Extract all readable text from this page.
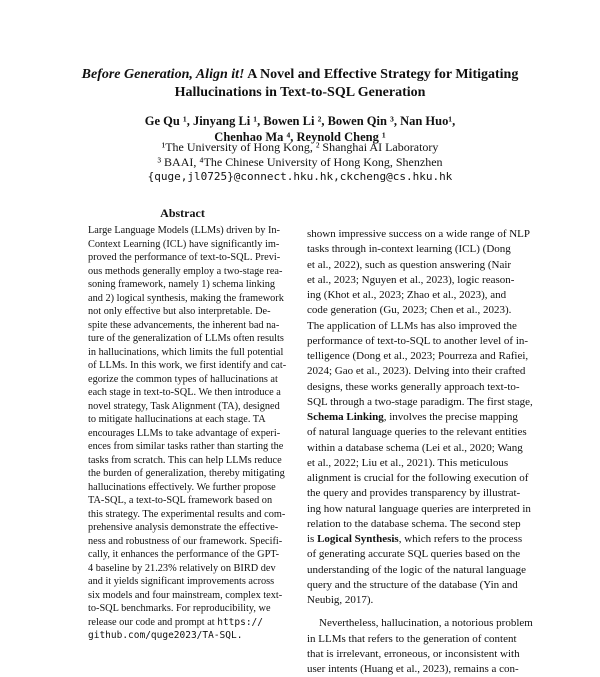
Before Generation, Align it! A Novel and Effective Strategy for Mitigating
Hallucinations in Text-to-SQL Generation
Ge Qu ¹, Jinyang Li ¹, Bowen Li ², Bowen Qin ³, Nan Huo¹,
Chenhao Ma ⁴, Reynold Cheng ¹
¹The University of Hong Kong, ² Shanghai AI Laboratory
³ BAAI, ⁴The Chinese University of Hong Kong, Shenzhen
{quge,jl0725}@connect.hku.hk,ckcheng@cs.hku.hk
Abstract
Large Language Models (LLMs) driven by In-
Context Learning (ICL) have significantly im-
proved the performance of text-to-SQL. Previ-
ous methods generally employ a two-stage rea-
soning framework, namely 1) schema linking
and 2) logical synthesis, making the framework
not only effective but also interpretable. De-
spite these advancements, the inherent bad na-
ture of the generalization of LLMs often results
in hallucinations, which limits the full potential
of LLMs. In this work, we first identify and cat-
egorize the common types of hallucinations at
each stage in text-to-SQL. We then introduce a
novel strategy, Task Alignment (TA), designed
to mitigate hallucinations at each stage. TA
encourages LLMs to take advantage of experi-
ences from similar tasks rather than starting the
tasks from scratch. This can help LLMs reduce
the burden of generalization, thereby mitigating
hallucinations effectively. We further propose
TA-SQL, a text-to-SQL framework based on
this strategy. The experimental results and com-
prehensive analysis demonstrate the effective-
ness and robustness of our framework. Specifi-
cally, it enhances the performance of the GPT-
4 baseline by 21.23% relatively on BIRD dev
and it yields significant improvements across
six models and four mainstream, complex text-
to-SQL benchmarks. For reproducibility, we
release our code and prompt at https://
github.com/quge2023/TA-SQL.
shown impressive success on a wide range of NLP
tasks through in-context learning (ICL) (Dong
et al., 2022), such as question answering (Nair
et al., 2023; Nguyen et al., 2023), logic reason-
ing (Khot et al., 2023; Zhao et al., 2023), and
code generation (Gu, 2023; Chen et al., 2023).
The application of LLMs has also improved the
performance of text-to-SQL to another level of in-
telligence (Dong et al., 2023; Pourreza and Rafiei,
2024; Gao et al., 2023). Delving into their crafted
designs, these works generally approach text-to-
SQL through a two-stage paradigm. The first stage,
Schema Linking, involves the precise mapping
of natural language queries to the relevant entities
within a database schema (Lei et al., 2020; Wang
et al., 2022; Liu et al., 2021). This meticulous
alignment is crucial for the following execution of
the query and provides transparency by illustrat-
ing how natural language queries are interpreted in
relation to the database schema. The second step
is Logical Synthesis, which refers to the process
of generating accurate SQL queries based on the
understanding of the logic of the natural language
query and the structure of the database (Yin and
Neubig, 2017).
Nevertheless, hallucination, a notorious problem
in LLMs that refers to the generation of content
that is irrelevant, erroneous, or inconsistent with
user intents (Huang et al., 2023), remains a con-
